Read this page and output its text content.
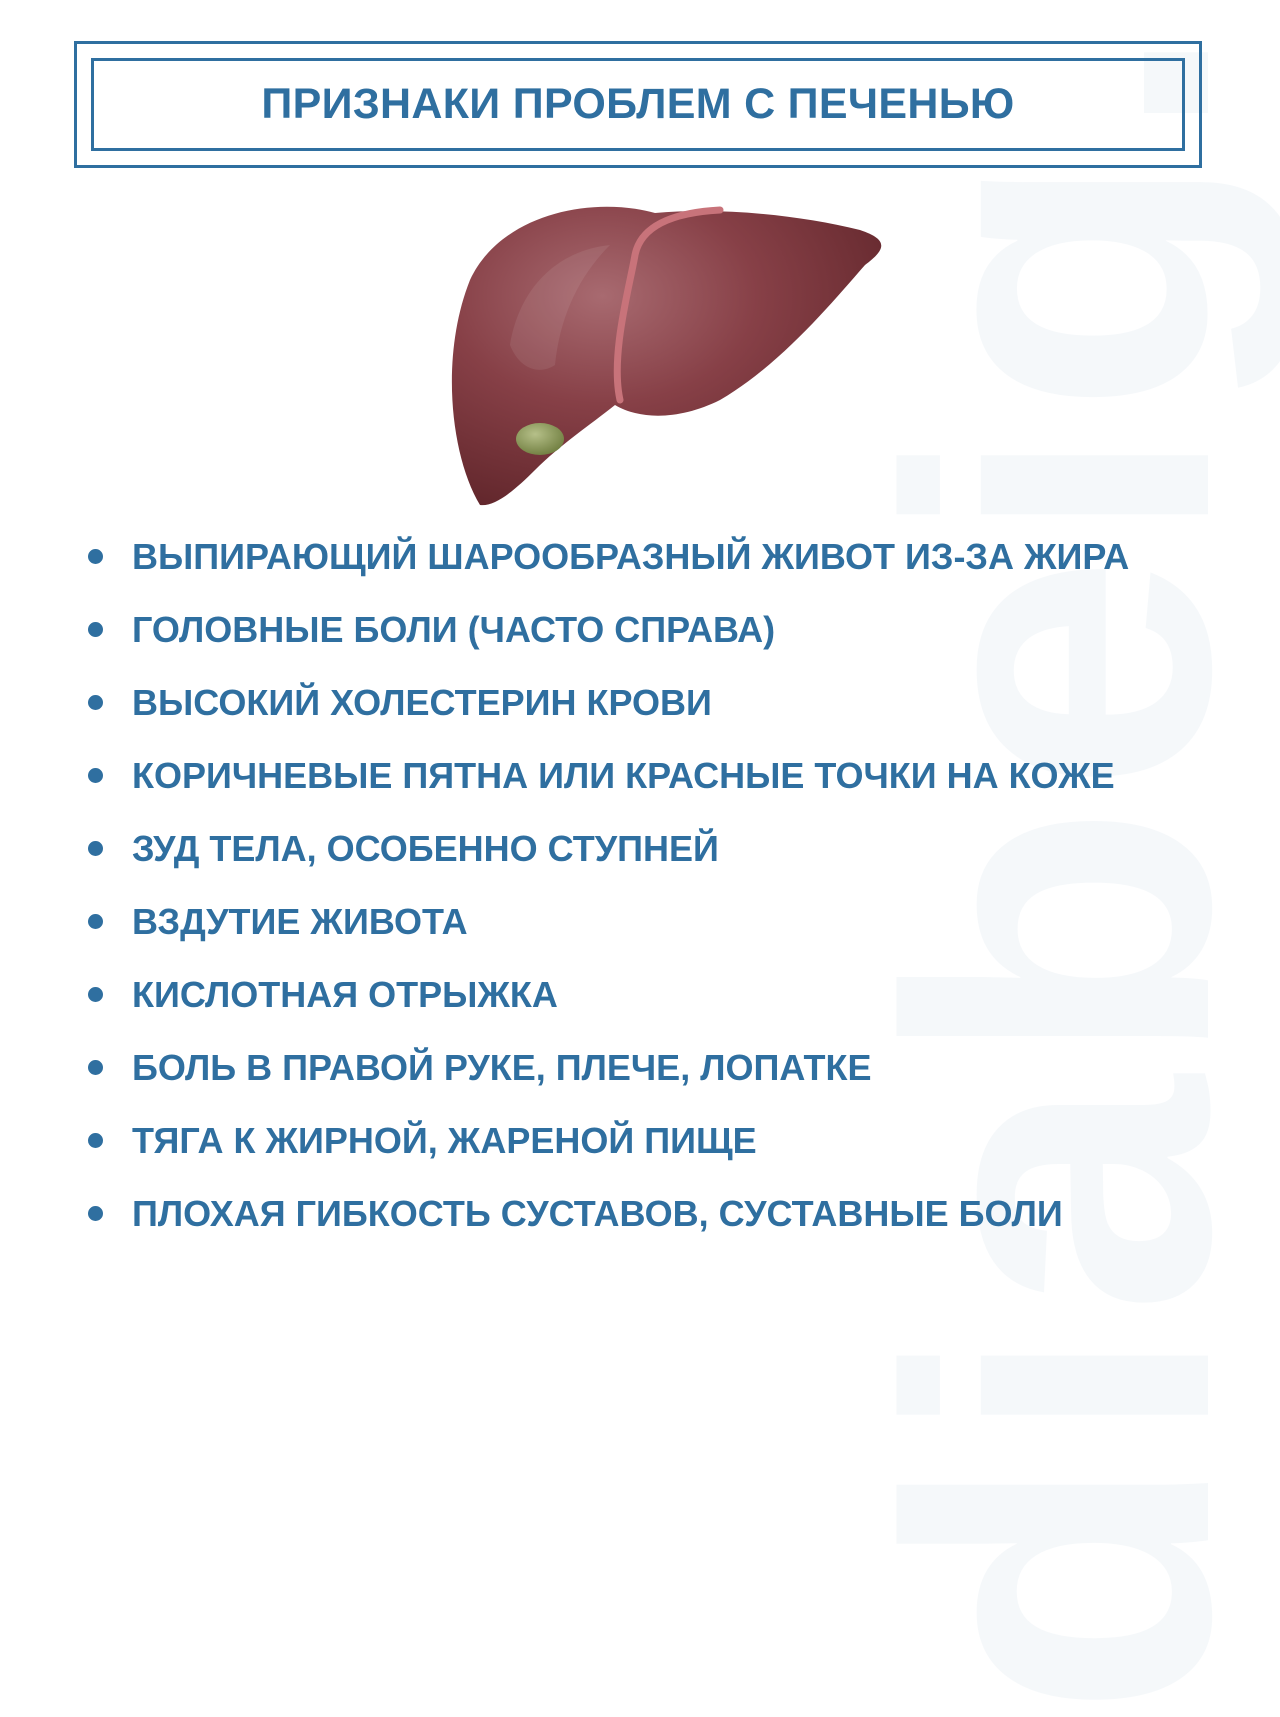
ПРИЗНАКИ ПРОБЛЕМ С ПЕЧЕНЬЮ
ВЫПИРАЮЩИЙ ШАРООБРАЗНЫЙ ЖИВОТ ИЗ-ЗА ЖИРА
ГОЛОВНЫЕ БОЛИ (ЧАСТО СПРАВА)
ВЫСОКИЙ ХОЛЕСТЕРИН КРОВИ
КОРИЧНЕВЫЕ ПЯТНА ИЛИ КРАСНЫЕ ТОЧКИ НА КОЖЕ
ЗУД ТЕЛА, ОСОБЕННО СТУПНЕЙ
ВЗДУТИЕ ЖИВОТА
КИСЛОТНАЯ ОТРЫЖКА
БОЛЬ В ПРАВОЙ РУКЕ, ПЛЕЧЕ, ЛОПАТКЕ
ТЯГА К ЖИРНОЙ, ЖАРЕНОЙ ПИЩЕ
ПЛОХАЯ ГИБКОСТЬ СУСТАВОВ, СУСТАВНЫЕ БОЛИ
